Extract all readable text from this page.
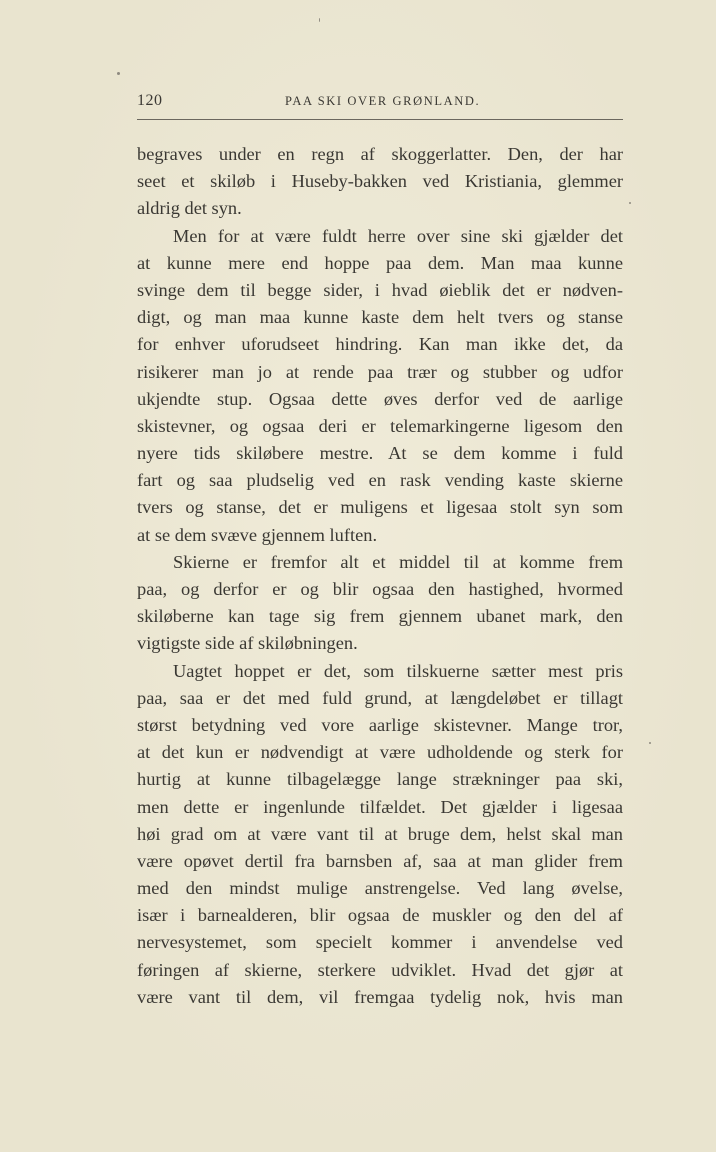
120	PAA SKI OVER GRØNLAND.
begraves under en regn af skoggerlatter. Den, der har
seet et skiløb i Huseby-bakken ved Kristiania, glemmer
aldrig det syn.
Men for at være fuldt herre over sine ski gjælder det
at kunne mere end hoppe paa dem. Man maa kunne
svinge dem til begge sider, i hvad øieblik det er nødven-
digt, og man maa kunne kaste dem helt tvers og stanse
for enhver uforudseet hindring. Kan man ikke det, da
risikerer man jo at rende paa trær og stubber og udfor
ukjendte stup. Ogsaa dette øves derfor ved de aarlige
skistevner, og ogsaa deri er telemarkingerne ligesom den
nyere tids skiløbere mestre. At se dem komme i fuld
fart og saa pludselig ved en rask vending kaste skierne
tvers og stanse, det er muligens et ligesaa stolt syn som
at se dem svæve gjennem luften.
Skierne er fremfor alt et middel til at komme frem
paa, og derfor er og blir ogsaa den hastighed, hvormed
skiløberne kan tage sig frem gjennem ubanet mark, den
vigtigste side af skiløbningen.
Uagtet hoppet er det, som tilskuerne sætter mest pris
paa, saa er det med fuld grund, at længdeløbet er tillagt
størst betydning ved vore aarlige skistevner. Mange tror,
at det kun er nødvendigt at være udholdende og sterk for
hurtig at kunne tilbagelægge lange strækninger paa ski,
men dette er ingenlunde tilfældet. Det gjælder i ligesaa
høi grad om at være vant til at bruge dem, helst skal man
være opøvet dertil fra barnsben af, saa at man glider frem
med den mindst mulige anstrengelse. Ved lang øvelse,
især i barnealderen, blir ogsaa de muskler og den del af
nervesystemet, som specielt kommer i anvendelse ved
føringen af skierne, sterkere udviklet. Hvad det gjør at
være vant til dem, vil fremgaa tydelig nok, hvis man
